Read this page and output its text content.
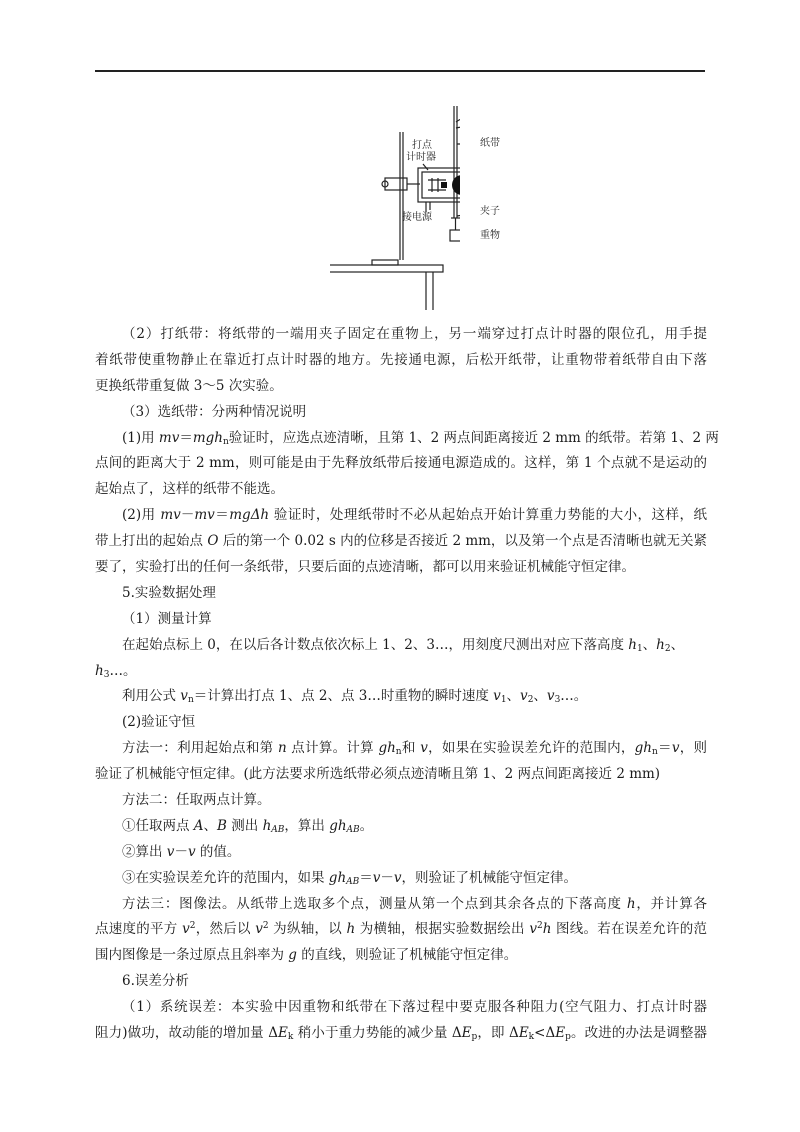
打点
计时器
纸带
接电源
夹子
重物
（2）打纸带：将纸带的一端用夹子固定在重物上，另一端穿过打点计时器的限位孔，用手提
着纸带使重物静止在靠近打点计时器的地方。先接通电源，后松开纸带，让重物带着纸带自由下落
更换纸带重复做 3～5 次实验。
（3）选纸带：分两种情况说明
(1)用 mv＝mgh$_n$验证时，应选点迹清晰，且第 1、2 两点间距离接近 2 mm 的纸带。若第 1、2 两
点间的距离大于 2 mm，则可能是由于先释放纸带后接通电源造成的。这样，第 1 个点就不是运动的
起始点了，这样的纸带不能选。
(2)用 mv－mv＝mgΔh 验证时，处理纸带时不必从起始点开始计算重力势能的大小，这样，纸
带上打出的起始点 O 后的第一个 0.02 s 内的位移是否接近 2 mm，以及第一个点是否清晰也就无关紧
要了，实验打出的任何一条纸带，只要后面的点迹清晰，都可以用来验证机械能守恒定律。
5.实验数据处理
（1）测量计算
在起始点标上 0，在以后各计数点依次标上 1、2、3…，用刻度尺测出对应下落高度 $h_1$、$h_2$、
$h_3\dots$。
利用公式 $v_n=$计算出打点 1、点 2、点 3…时重物的瞬时速度 $v_1$、$v_2$、$v_3\dots$。
(2)验证守恒
方法一：利用起始点和第 n 点计算。计算 $gh_n$和 v，如果在实验误差允许的范围内，$gh_n=v$，则
验证了机械能守恒定律。(此方法要求所选纸带必须点迹清晰且第 1、2 两点间距离接近 2 mm)
方法二：任取两点计算。
①任取两点 A、B 测出 $h_{AB}$，算出 $gh_{AB}$。
②算出 v－v 的值。
③在实验误差允许的范围内，如果 $gh_{AB}=v-v$，则验证了机械能守恒定律。
方法三：图像法。从纸带上选取多个点，测量从第一个点到其余各点的下落高度 h，并计算各
点速度的平方 $v^2$，然后以 $v^2$ 为纵轴，以 h 为横轴，根据实验数据绘出 $v^2h$ 图线。若在误差允许的范
围内图像是一条过原点且斜率为 g 的直线，则验证了机械能守恒定律。
6.误差分析
（1）系统误差：本实验中因重物和纸带在下落过程中要克服各种阻力(空气阻力、打点计时器
阻力)做功，故动能的增加量 $\Delta E_k$ 稍小于重力势能的减少量 $\Delta E_p$，即 $\Delta E_k<\Delta E_p$。改进的办法是调整器
